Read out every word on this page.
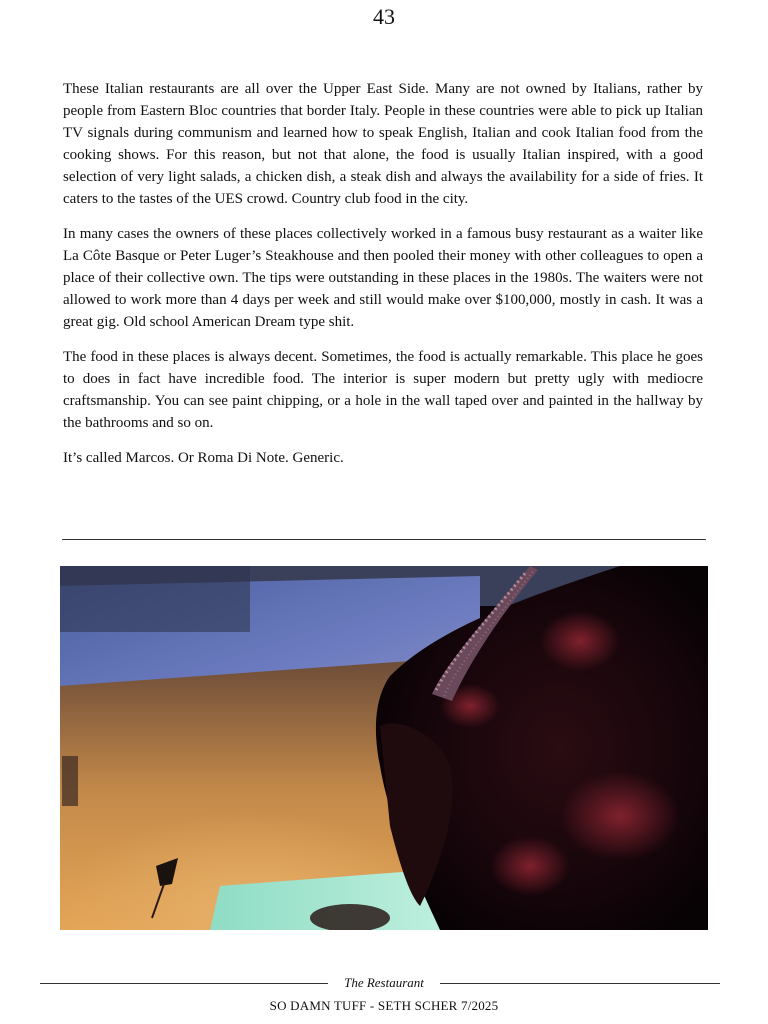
43

These Italian restaurants are all over the Upper East Side. Many are not owned by Italians, rather by people from Eastern Bloc countries that border Italy. People in these countries were able to pick up Italian TV signals during communism and learned how to speak English, Italian and cook Italian food from the cooking shows. For this reason, but not that alone, the food is usually Italian inspired, with a good selection of very light salads, a chicken dish, a steak dish and always the availability for a side of fries. It caters to the tastes of the UES crowd. Country club food in the city.

In many cases the owners of these places collectively worked in a famous busy restaurant as a waiter like La Côte Basque or Peter Luger’s Steakhouse and then pooled their money with other colleagues to open a place of their collective own. The tips were outstanding in these places in the 1980s. The waiters were not allowed to work more than 4 days per week and still would make over $100,000, mostly in cash. It was a great gig. Old school American Dream type shit.

The food in these places is always decent. Sometimes, the food is actually remarkable. This place he goes to does in fact have incredible food. The interior is super modern but pretty ugly with mediocre craftsmanship. You can see paint chipping, or a hole in the wall taped over and painted in the hallway by the bathrooms and so on.

It’s called Marcos. Or Roma Di Note. Generic.

The Restaurant
SO DAMN TUFF - SETH SCHER 7/2025
